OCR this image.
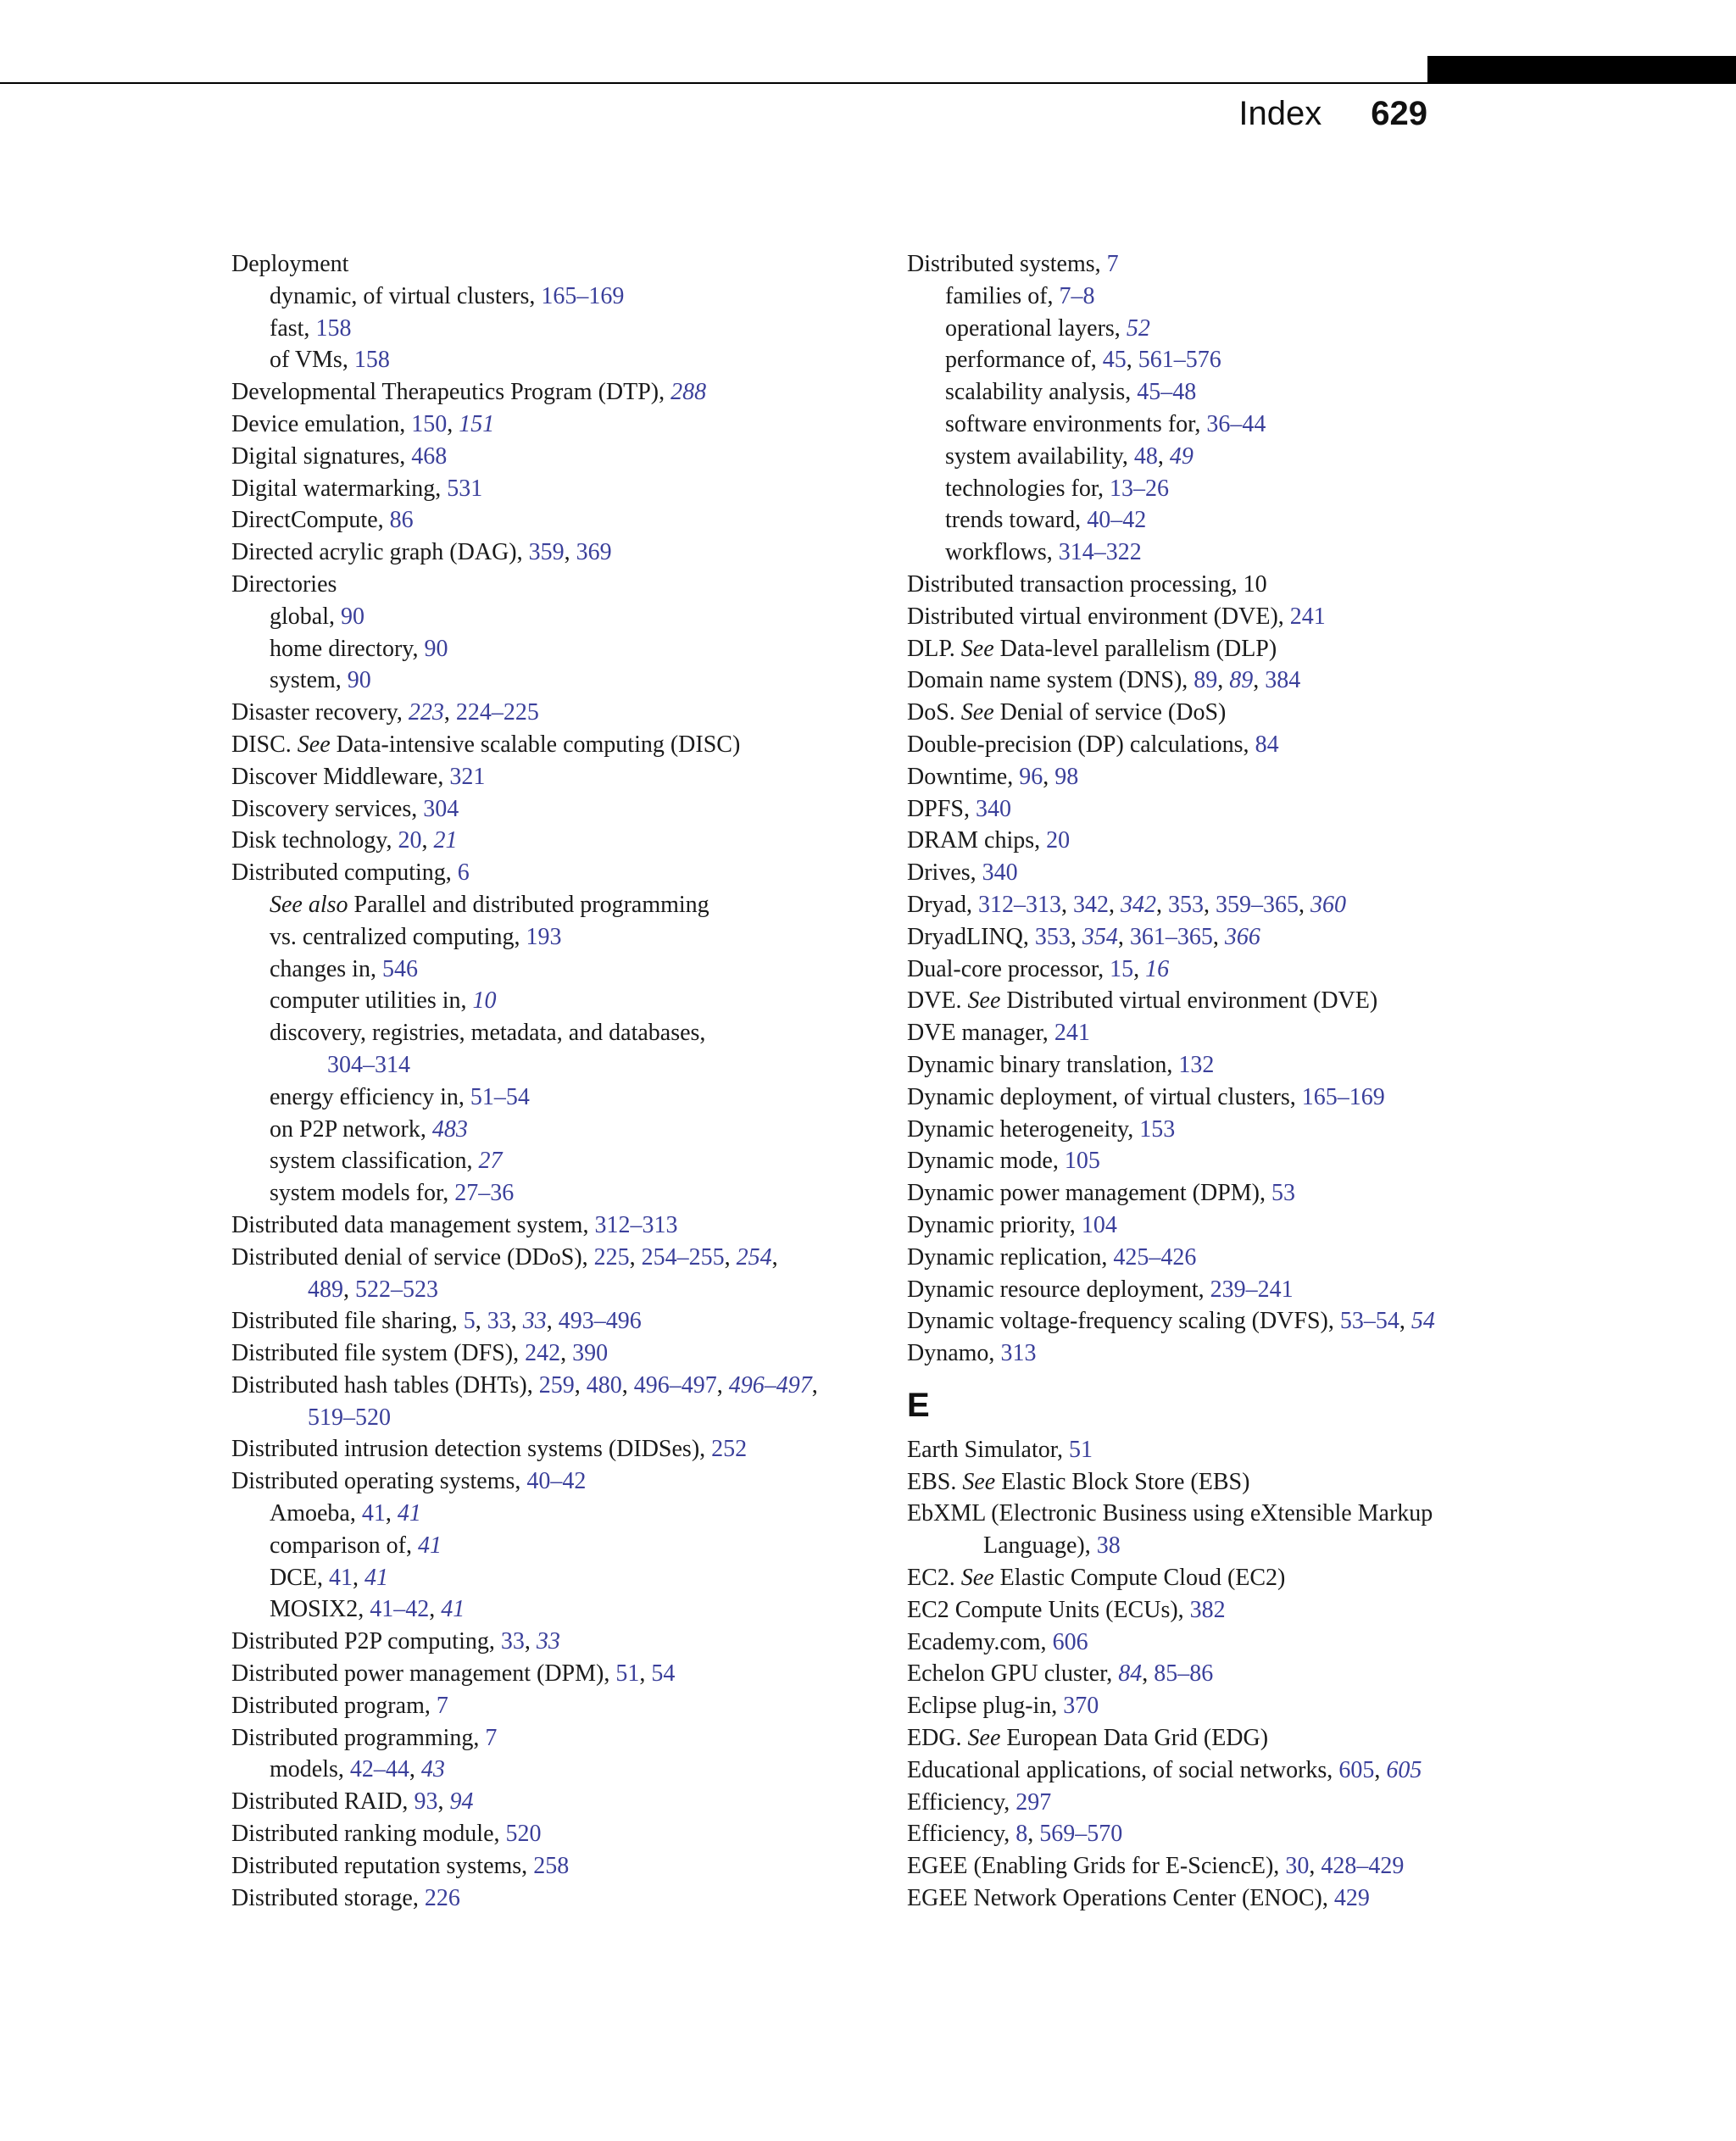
Index 629
Deployment
dynamic, of virtual clusters, 165–169
fast, 158
of VMs, 158
Developmental Therapeutics Program (DTP), 288
Device emulation, 150, 151
Digital signatures, 468
Digital watermarking, 531
DirectCompute, 86
Directed acrylic graph (DAG), 359, 369
Directories
global, 90
home directory, 90
system, 90
Disaster recovery, 223, 224–225
DISC. See Data-intensive scalable computing (DISC)
Discover Middleware, 321
Discovery services, 304
Disk technology, 20, 21
Distributed computing, 6
See also Parallel and distributed programming
vs. centralized computing, 193
changes in, 546
computer utilities in, 10
discovery, registries, metadata, and databases,
304–314
energy efficiency in, 51–54
on P2P network, 483
system classification, 27
system models for, 27–36
Distributed data management system, 312–313
Distributed denial of service (DDoS), 225, 254–255, 254,
489, 522–523
Distributed file sharing, 5, 33, 33, 493–496
Distributed file system (DFS), 242, 390
Distributed hash tables (DHTs), 259, 480, 496–497, 496–497,
519–520
Distributed intrusion detection systems (DIDSes), 252
Distributed operating systems, 40–42
Amoeba, 41, 41
comparison of, 41
DCE, 41, 41
MOSIX2, 41–42, 41
Distributed P2P computing, 33, 33
Distributed power management (DPM), 51, 54
Distributed program, 7
Distributed programming, 7
models, 42–44, 43
Distributed RAID, 93, 94
Distributed ranking module, 520
Distributed reputation systems, 258
Distributed storage, 226
Distributed systems, 7
families of, 7–8
operational layers, 52
performance of, 45, 561–576
scalability analysis, 45–48
software environments for, 36–44
system availability, 48, 49
technologies for, 13–26
trends toward, 40–42
workflows, 314–322
Distributed transaction processing, 10
Distributed virtual environment (DVE), 241
DLP. See Data-level parallelism (DLP)
Domain name system (DNS), 89, 89, 384
DoS. See Denial of service (DoS)
Double-precision (DP) calculations, 84
Downtime, 96, 98
DPFS, 340
DRAM chips, 20
Drives, 340
Dryad, 312–313, 342, 342, 353, 359–365, 360
DryadLINQ, 353, 354, 361–365, 366
Dual-core processor, 15, 16
DVE. See Distributed virtual environment (DVE)
DVE manager, 241
Dynamic binary translation, 132
Dynamic deployment, of virtual clusters, 165–169
Dynamic heterogeneity, 153
Dynamic mode, 105
Dynamic power management (DPM), 53
Dynamic priority, 104
Dynamic replication, 425–426
Dynamic resource deployment, 239–241
Dynamic voltage-frequency scaling (DVFS), 53–54, 54
Dynamo, 313
E
Earth Simulator, 51
EBS. See Elastic Block Store (EBS)
EbXML (Electronic Business using eXtensible Markup
Language), 38
EC2. See Elastic Compute Cloud (EC2)
EC2 Compute Units (ECUs), 382
Ecademy.com, 606
Echelon GPU cluster, 84, 85–86
Eclipse plug-in, 370
EDG. See European Data Grid (EDG)
Educational applications, of social networks, 605, 605
Efficiency, 297
Efficiency, 8, 569–570
EGEE (Enabling Grids for E-SciencE), 30, 428–429
EGEE Network Operations Center (ENOC), 429
